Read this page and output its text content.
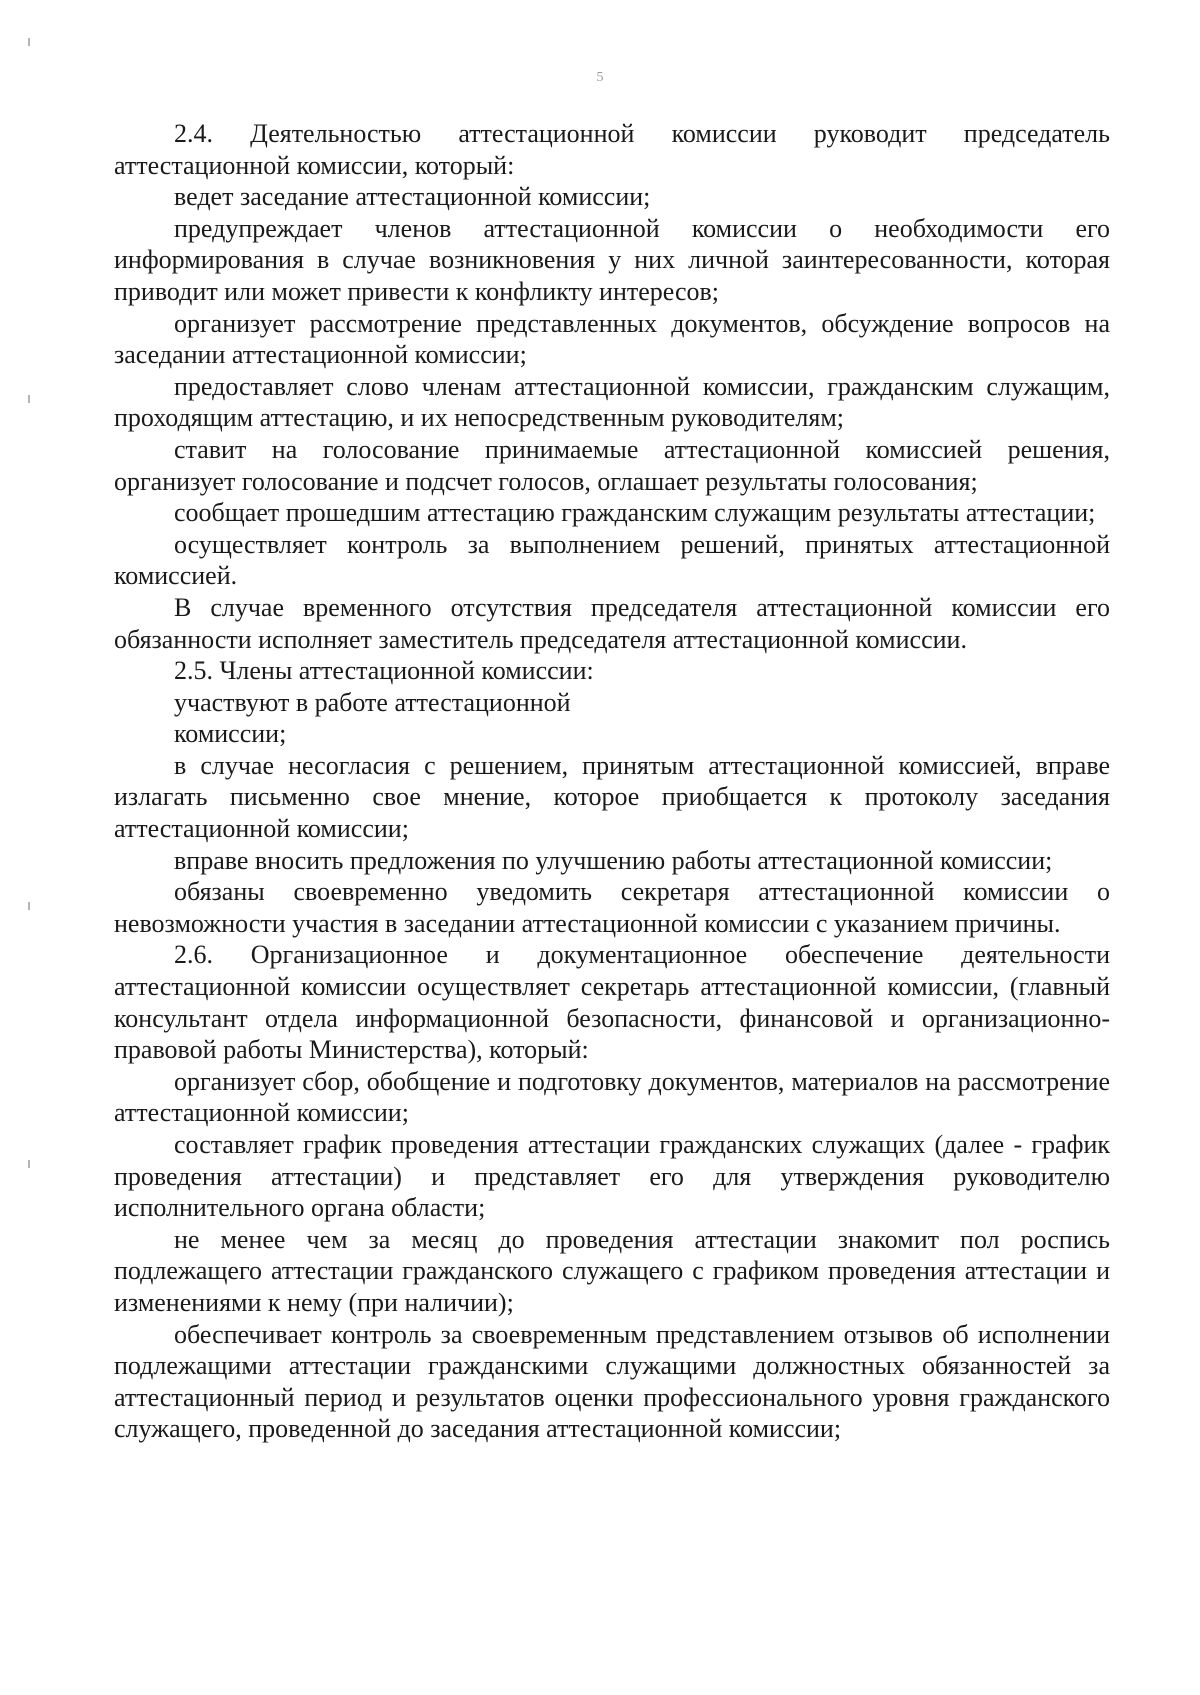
5

2.4. Деятельностью аттестационной комиссии руководит председатель аттестационной комиссии, который:

ведет заседание аттестационной комиссии;

предупреждает членов аттестационной комиссии о необходимости его информирования в случае возникновения у них личной заинтересованности, которая приводит или может привести к конфликту интересов;

организует рассмотрение представленных документов, обсуждение вопросов на заседании аттестационной комиссии;

предоставляет слово членам аттестационной комиссии, гражданским служащим, проходящим аттестацию, и их непосредственным руководителям;

ставит на голосование принимаемые аттестационной комиссией решения, организует голосование и подсчет голосов, оглашает результаты голосования;

сообщает прошедшим аттестацию гражданским служащим результаты аттестации;

осуществляет контроль за выполнением решений, принятых аттестационной комиссией.

В случае временного отсутствия председателя аттестационной комиссии его обязанности исполняет заместитель председателя аттестационной комиссии.

2.5. Члены аттестационной комиссии:

участвуют в работе аттестационной

комиссии;

в случае несогласия с решением, принятым аттестационной комиссией, вправе излагать письменно свое мнение, которое приобщается к протоколу заседания аттестационной комиссии;

вправе вносить предложения по улучшению работы аттестационной комиссии;

обязаны своевременно уведомить секретаря аттестационной комиссии о невозможности участия в заседании аттестационной комиссии с указанием причины.

2.6. Организационное и документационное обеспечение деятельности аттестационной комиссии осуществляет секретарь аттестационной комиссии, (главный консультант отдела информационной безопасности, финансовой и организационно-правовой работы Министерства), который:

организует сбор, обобщение и подготовку документов, материалов на рассмотрение аттестационной комиссии;

составляет график проведения аттестации гражданских служащих (далее - график проведения аттестации) и представляет его для утверждения руководителю исполнительного органа области;

не менее чем за месяц до проведения аттестации знакомит пол роспись подлежащего аттестации гражданского служащего с графиком проведения аттестации и изменениями к нему (при наличии);

обеспечивает контроль за своевременным представлением отзывов об исполнении подлежащими аттестации гражданскими служащими должностных обязанностей за аттестационный период и результатов оценки профессионального уровня гражданского служащего, проведенной до заседания аттестационной комиссии;
